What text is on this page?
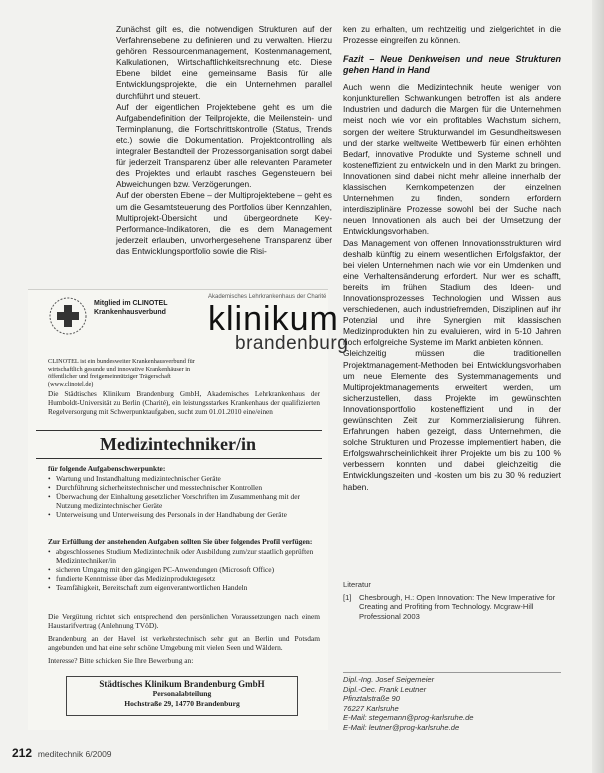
Zunächst gilt es, die notwendigen Strukturen auf der Verfahrensebene zu definieren und zu verwalten. Hierzu gehören Ressourcenmanagement, Kostenmanagement, Kalkulationen, Wirtschaftlichkeitsrechnung etc. Diese Ebene bildet eine gemeinsame Basis für alle Entwicklungsprojekte, die ein Unternehmen parallel durchführt und steuert.

Auf der eigentlichen Projektebene geht es um die Aufgabendefinition der Teilprojekte, die Meilenstein- und Terminplanung, die Fortschrittskontrolle (Status, Trends etc.) sowie die Dokumentation. Projektcontrolling als integraler Bestandteil der Prozessorganisation sorgt dabei für jederzeit Transparenz über alle relevanten Parameter des Projektes und erlaubt rasches Gegensteuern bei Abweichungen bzw. Verzögerungen.

Auf der obersten Ebene – der Multiprojektebene – geht es um die Gesamtsteuerung des Portfolios über Kennzahlen, Multiprojekt-Übersicht und übergeordnete Key-Performance-Indikatoren, die es dem Management jederzeit erlauben, unvorhergesehene Transparenz über das Entwicklungsportfolio sowie die Risi-

ken zu erhalten, um rechtzeitig und zielgerichtet in die Prozesse eingreifen zu können.

Fazit – Neue Denkweisen und neue Strukturen gehen Hand in Hand

Auch wenn die Medizintechnik heute weniger von konjunkturellen Schwankungen betroffen ist als andere Industrien und dadurch die Margen für die Unternehmen meist noch wie vor ein profitables Wachstum sichern, sorgen der weitere Strukturwandel im Gesundheitswesen und der starke weltweite Wettbewerb für einen erhöhten Bedarf, innovative Produkte und Systeme schnell und kosteneffizient zu entwickeln und in den Markt zu bringen. Innovationen sind dabei nicht mehr alleine innerhalb der klassischen Kernkompetenzen der einzelnen Unternehmen zu finden, sondern erfordern interdisziplinäre Prozesse sowohl bei der Suche nach neuen Innovationen als auch bei der Umsetzung der Entwicklungsvorhaben.

Das Management von offenen Innovationsstrukturen wird deshalb künftig zu einem wesentlichen Erfolgsfaktor, der bei vielen Unternehmen nach wie vor ein Umdenken und eine Verhaltensänderung erfordert. Nur wer es schafft, bereits im frühen Stadium des Ideen- und Innovationsprozesses Technologien und Wissen aus verschiedenen, auch industriefremden, Disziplinen auf ihr Potenzial und ihre Synergien mit klassischen Medizinprodukten hin zu evaluieren, wird in 5-10 Jahren noch erfolgreiche Systeme im Markt anbieten können.

Gleichzeitig müssen die traditionellen Projektmanagement-Methoden bei Entwicklungsvorhaben um neue Elemente des Systemmanagements und Multiprojektmanagements erweitert werden, um sicherzustellen, dass Projekte im gewünschten Innovationsportfolio kosteneffizient und in der gewünschten Zeit zur Kommerzialisierung führen. Erfahrungen haben gezeigt, dass Unternehmen, die solche Strukturen und Prozesse implementiert haben, die Erfolgswahrscheinlichkeit ihrer Projekte um bis zu 100 % verbessern konnten und dabei gleichzeitig die Entwicklungszeiten und -kosten um bis zu 30 % reduziert haben.

Literatur
[1] Chesbrough, H.: Open Innovation: The New Imperative for Creating and Profiting from Technology. Mcgraw-Hill Professional 2003
Dipl.-Ing. Josef Seigemeier
Dipl.-Oec. Frank Leutner
Pfinztalstraße 90
76227 Karlsruhe
E-Mail: stegemann@prog-karlsruhe.de
E-Mail: leutner@prog-karlsruhe.de
Mitglied im CLINOTEL
Krankenhausverbund
Akademisches Lehrkrankenhaus der Charité
klinikum
brandenburg
CLINOTEL ist ein bundesweiter Krankenhausverbund für wirtschaftlich gesunde und innovative Krankenhäuser in öffentlicher und freigemeinnütziger Trägerschaft (www.clinotel.de)
Die Städtisches Klinikum Brandenburg GmbH, Akademisches Lehrkrankenhaus der Humboldt-Universität zu Berlin (Charité), ein leistungsstarkes Krankenhaus der qualifizierten Regelversorgung mit Schwerpunktaufgaben, sucht zum 01.01.2010 eine/einen
Medizintechniker/in
für folgende Aufgabenschwerpunkte:
• Wartung und Instandhaltung medizintechnischer Geräte
• Durchführung sicherheitstechnischer und messtechnischer Kontrollen
• Überwachung der Einhaltung gesetzlicher Vorschriften im Zusammenhang mit der Nutzung medizintechnischer Geräte
• Unterweisung und Unterweisung des Personals in der Handhabung der Geräte
Zur Erfüllung der anstehenden Aufgaben sollten Sie über folgendes Profil verfügen:
• abgeschlossenes Studium Medizintechnik oder Ausbildung zum/zur staatlich geprüften Medizintechniker/in
• sicheren Umgang mit den gängigen PC-Anwendungen (Microsoft Office)
• fundierte Kenntnisse über das Medizinproduktegesetz
• Teamfähigkeit, Bereitschaft zum eigenverantwortlichen Handeln

Die Vergütung richtet sich entsprechend den persönlichen Voraussetzungen nach einem Haustarifvertrag (Anlehnung TVöD).

Brandenburg an der Havel ist verkehrstechnisch sehr gut an Berlin und Potsdam angebunden und hat eine sehr schöne Umgebung mit vielen Seen und Wäldern.

Interesse? Bitte schicken Sie Ihre Bewerbung an:

Städtisches Klinikum Brandenburg GmbH
Personalabteilung
Hochstraße 29, 14770 Brandenburg
212 meditechnik 6/2009
